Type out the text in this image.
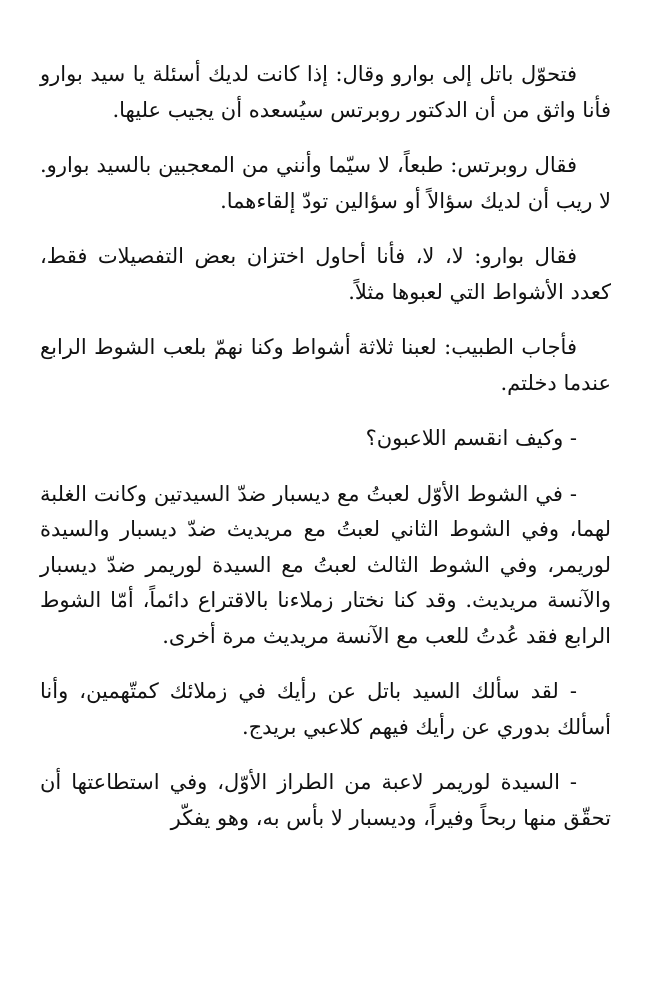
فتحوّل باتل إلى بوارو وقال: إذا كانت لديك أسئلة يا سيد بوارو فأنا واثق من أن الدكتور روبرتس سيُسعده أن يجيب عليها.

فقال روبرتس: طبعاً، لا سيّما وأنني من المعجبين بالسيد بوارو. لا ريب أن لديك سؤالاً أو سؤالين تودّ إلقاءهما.

فقال بوارو: لا، لا، فأنا أحاول اختزان بعض التفصيلات فقط، كعدد الأشواط التي لعبوها مثلاً.

فأجاب الطبيب: لعبنا ثلاثة أشواط وكنا نهمّ بلعب الشوط الرابع عندما دخلتم.

- وكيف انقسم اللاعبون؟

- في الشوط الأوّل لعبتُ مع ديسبار ضدّ السيدتين وكانت الغلبة لهما، وفي الشوط الثاني لعبتُ مع مريديث ضدّ ديسبار والسيدة لوريمر، وفي الشوط الثالث لعبتُ مع السيدة لوريمر ضدّ ديسبار والآنسة مريديث. وقد كنا نختار زملاءنا بالاقتراع دائماً، أمّا الشوط الرابع فقد عُدتُ للعب مع الآنسة مريديث مرة أخرى.

- لقد سألك السيد باتل عن رأيك في زملائك كمتّهمين، وأنا أسألك بدوري عن رأيك فيهم كلاعبي بريدج.

- السيدة لوريمر لاعبة من الطراز الأوّل، وفي استطاعتها أن تحقّق منها ربحاً وفيراً، وديسبار لا بأس به، وهو يفكّر
